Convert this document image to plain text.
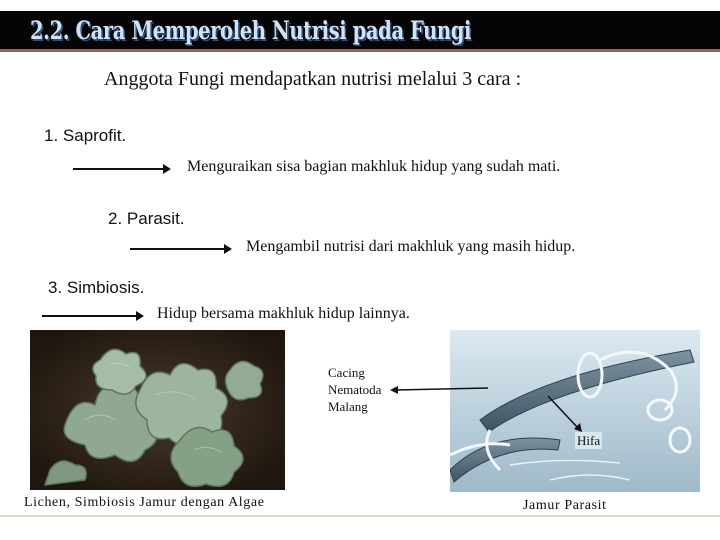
2.2. Cara Memperoleh Nutrisi pada Fungi
Anggota Fungi mendapatkan nutrisi melalui 3 cara :
1. Saprofit.
Menguraikan sisa bagian makhluk hidup yang sudah mati.
2. Parasit.
Mengambil nutrisi dari makhluk yang masih hidup.
3. Simbiosis.
Hidup bersama makhluk hidup lainnya.
Lichen, Simbiosis Jamur dengan Algae	Jamur Parasit
Cacing
Nematoda
Malang
Hifa
